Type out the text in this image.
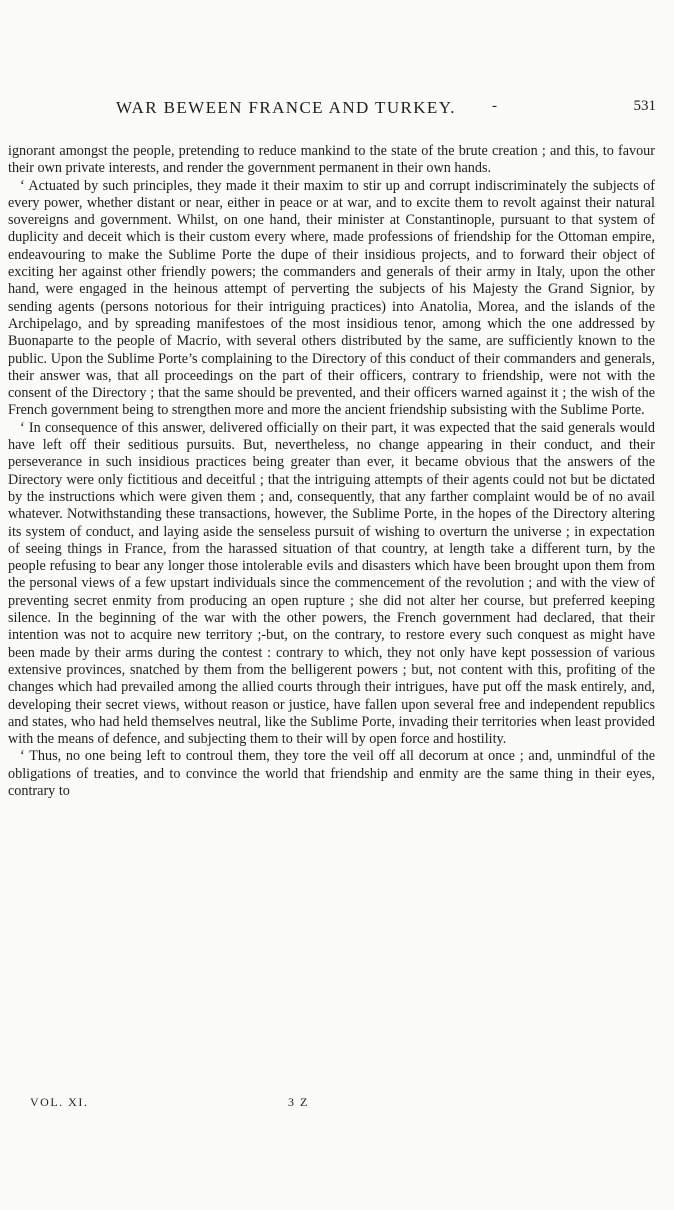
WAR BEWEEN FRANCE AND TURKEY. -	531

ignorant amongst the people, pretending to reduce mankind to the state of the brute creation ; and this, to favour their own private interests, and render the government permanent in their own hands.

‘ Actuated by such principles, they made it their maxim to stir up and corrupt indiscriminately the subjects of every power, whether distant or near, either in peace or at war, and to excite them to revolt against their natural sovereigns and government. Whilst, on one hand, their minister at Constantinople, pursuant to that system of duplicity and deceit which is their custom every where, made professions of friendship for the Ottoman empire, endeavouring to make the Sublime Porte the dupe of their insidious projects, and to forward their object of exciting her against other friendly powers; the commanders and generals of their army in Italy, upon the other hand, were engaged in the heinous attempt of perverting the subjects of his Majesty the Grand Signior, by sending agents (persons notorious for their intriguing practices) into Anatolia, Morea, and the islands of the Archipelago, and by spreading manifestoes of the most insidious tenor, among which the one addressed by Buonaparte to the people of Macrio, with several others distributed by the same, are sufficiently known to the public. Upon the Sublime Porte’s complaining to the Directory of this conduct of their commanders and generals, their answer was, that all proceedings on the part of their officers, contrary to friendship, were not with the consent of the Directory ; that the same should be prevented, and their officers warned against it ; the wish of the French government being to strengthen more and more the ancient friendship subsisting with the Sublime Porte.

‘ In consequence of this answer, delivered officially on their part, it was expected that the said generals would have left off their seditious pursuits. But, nevertheless, no change appearing in their conduct, and their perseverance in such insidious practices being greater than ever, it became obvious that the answers of the Directory were only fictitious and deceitful ; that the intriguing attempts of their agents could not but be dictated by the instructions which were given them ; and, consequently, that any farther complaint would be of no avail whatever. Notwithstanding these transactions, however, the Sublime Porte, in the hopes of the Directory altering its system of conduct, and laying aside the senseless pursuit of wishing to overturn the universe ; in expectation of seeing things in France, from the harassed situation of that country, at length take a different turn, by the people refusing to bear any longer those intolerable evils and disasters which have been brought upon them from the personal views of a few upstart individuals since the commencement of the revolution ; and with the view of preventing secret enmity from producing an open rupture ; she did not alter her course, but preferred keeping silence. In the beginning of the war with the other powers, the French government had declared, that their intention was not to acquire new territory ;-but, on the contrary, to restore every such conquest as might have been made by their arms during the contest : contrary to which, they not only have kept possession of various extensive provinces, snatched by them from the belligerent powers ; but, not content with this, profiting of the changes which had prevailed among the allied courts through their intrigues, have put off the mask entirely, and, developing their secret views, without reason or justice, have fallen upon several free and independent republics and states, who had held themselves neutral, like the Sublime Porte, invading their territories when least provided with the means of defence, and subjecting them to their will by open force and hostility.

‘ Thus, no one being left to controul them, they tore the veil off all decorum at once ; and, unmindful of the obligations of treaties, and to convince the world that friendship and enmity are the same thing in their eyes, contrary to

VOL. XI.	3 Z
